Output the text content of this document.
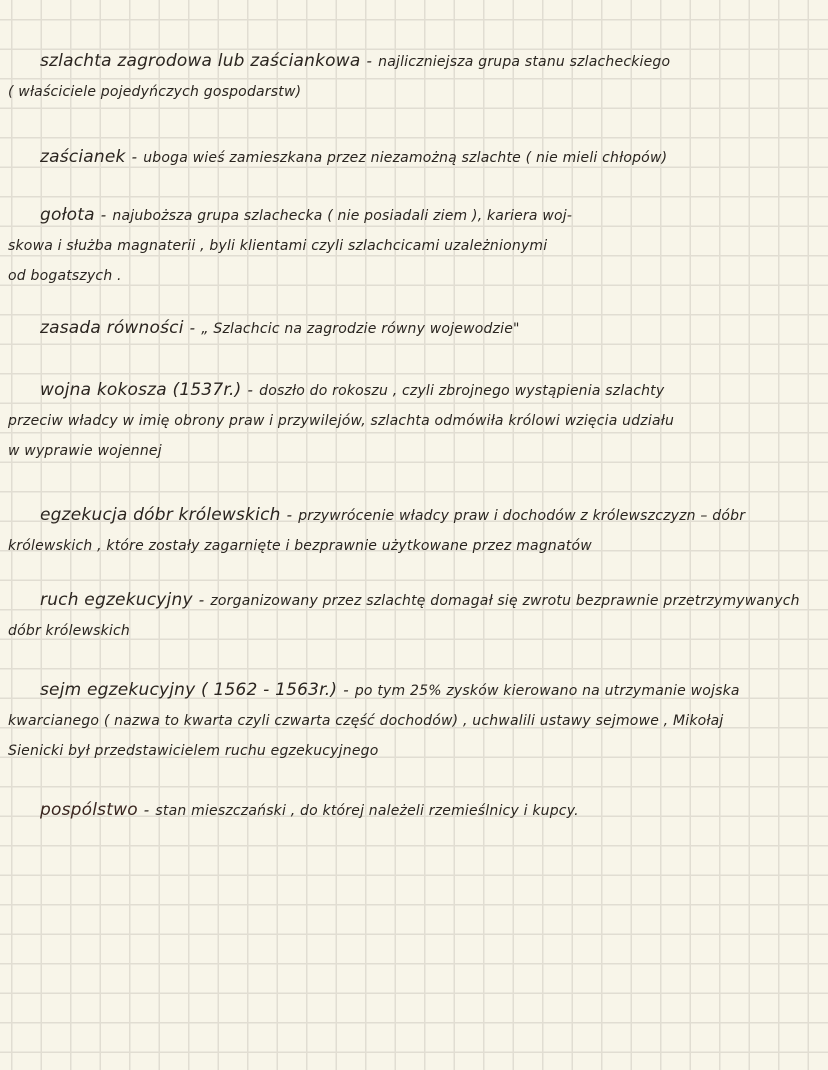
szlachta zagrodowa lub zaściankowa - najliczniejsza grupa stanu szlacheckiego
( właściciele pojedyńczych gospodarstw)
zaścianek - uboga wieś zamieszkana przez niezamożną szlachte ( nie mieli chłopów)
gołota - najuboższa grupa szlachecka ( nie posiadali ziem ), kariera woj-
skowa i służba magnaterii , byli klientami czyli szlachcicami uzależnionymi
od bogatszych .
zasada równości - „ Szlachcic na zagrodzie równy wojewodzie"
wojna kokosza (1537r.) - doszło do rokoszu , czyli zbrojnego wystąpienia szlachty
przeciw władcy w imię obrony praw i przywilejów, szlachta odmówiła królowi wzięcia udziału
w wyprawie wojennej
egzekucja dóbr królewskich - przywrócenie władcy praw i dochodów z królewszczyzn – dóbr
królewskich , które zostały zagarnięte i bezprawnie użytkowane przez magnatów
ruch egzekucyjny - zorganizowany przez szlachtę domagał się zwrotu bezprawnie przetrzymywanych
dóbr królewskich
sejm egzekucyjny ( 1562 - 1563r.) - po tym 25% zysków kierowano na utrzymanie wojska
kwarcianego ( nazwa to kwarta czyli czwarta część dochodów) , uchwalili ustawy sejmowe , Mikołaj
Sienicki był przedstawicielem ruchu egzekucyjnego
pospólstwo - stan mieszczański , do której należeli rzemieślnicy i kupcy.
